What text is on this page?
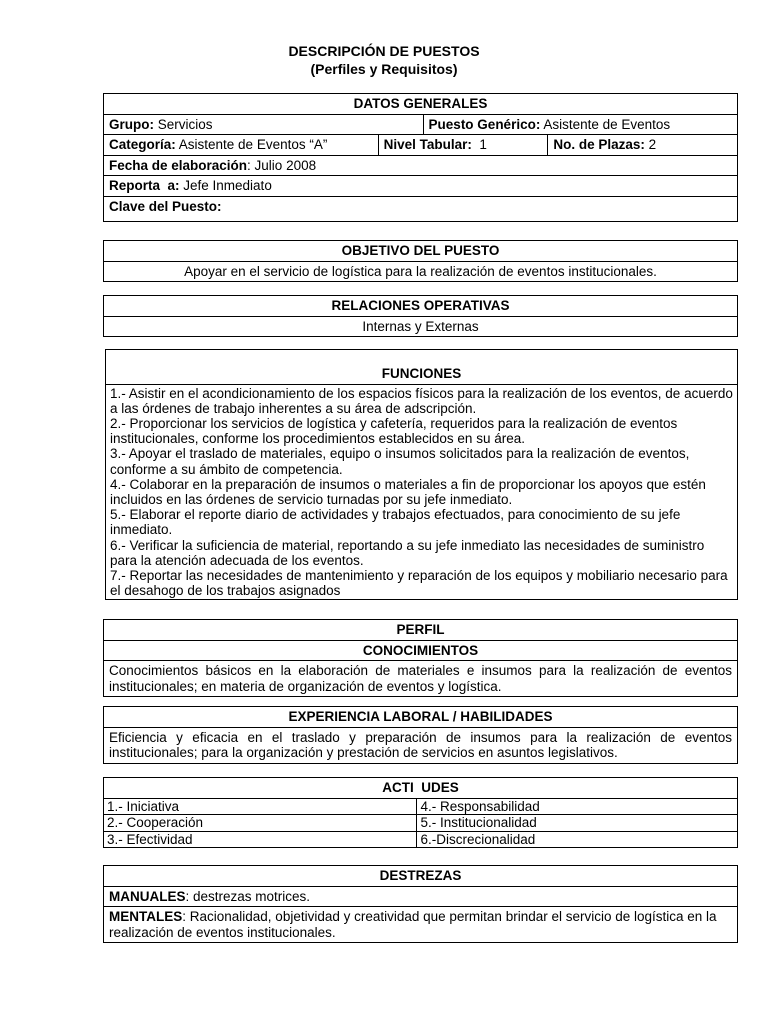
DESCRIPCIÓN DE PUESTOS
(Perfiles y Requisitos)
DATOS GENERALES			
Grupo: Servicios		Puesto Genérico: Asistente de Eventos	
Categoría: Asistente de Eventos “A”	Nivel Tabular:  1		No. de Plazas: 2
Fecha de elaboración: Julio 2008			
Reporta  a: Jefe Inmediato			
Clave del Puesto:			
OBJETIVO DEL PUESTO
Apoyar en el servicio de logística para la realización de eventos institucionales.
RELACIONES OPERATIVAS
Internas y Externas
FUNCIONES

1.- Asistir en el acondicionamiento de los espacios físicos para la realización de los eventos, de acuerdo a las órdenes de trabajo inherentes a su área de adscripción.
2.- Proporcionar los servicios de logística y cafetería, requeridos para la realización de eventos institucionales, conforme los procedimientos establecidos en su área.
3.- Apoyar el traslado de materiales, equipo o insumos solicitados para la realización de eventos, conforme a su ámbito de competencia.
4.- Colaborar en la preparación de insumos o materiales a fin de proporcionar los apoyos que estén incluidos en las órdenes de servicio turnadas por su jefe inmediato.
5.- Elaborar el reporte diario de actividades y trabajos efectuados, para conocimiento de su jefe inmediato.
6.- Verificar la suficiencia de material, reportando a su jefe inmediato las necesidades de suministro para la atención adecuada de los eventos.
7.- Reportar las necesidades de mantenimiento y reparación de los equipos y mobiliario necesario para el desahogo de los trabajos asignados
PERFIL
CONOCIMIENTOS
Conocimientos básicos en la elaboración de materiales e insumos para la realización de eventos institucionales; en materia de organización de eventos y logística.
EXPERIENCIA LABORAL / HABILIDADES
Eficiencia y eficacia en el traslado y preparación de insumos para la realización de eventos institucionales; para la organización y prestación de servicios en asuntos legislativos.
ACTI  UDES	
1.- Iniciativa	4.- Responsabilidad
2.- Cooperación	5.- Institucionalidad
3.- Efectividad	6.-Discrecionalidad
DESTREZAS
MANUALES: destrezas motrices.
MENTALES: Racionalidad, objetividad y creatividad que permitan brindar el servicio de logística en la realización de eventos institucionales.
